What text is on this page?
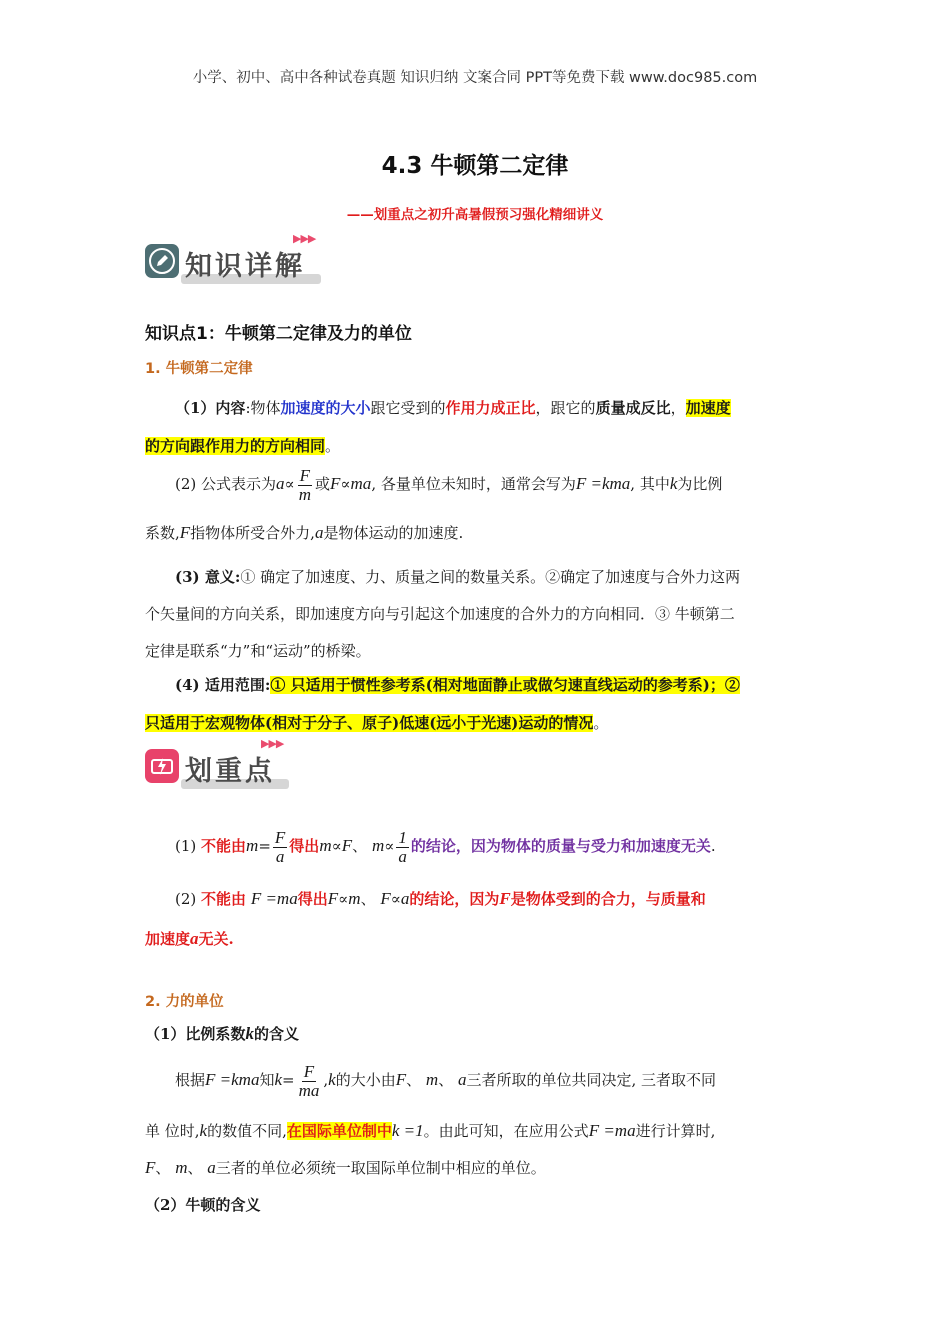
小学、初中、高中各种试卷真题 知识归纳 文案合同 PPT等免费下载 www.doc985.com
4.3 牛顿第二定律
——划重点之初升高暑假预习强化精细讲义
知识详解
▶▶▶
知识点1：牛顿第二定律及力的单位
1. 牛顿第二定律
（1）内容:物体加速度的大小跟它受到的作用力成正比，跟它的质量成反比，加速度
的方向跟作用力的方向相同。
(2) 公式表示为$a\propto \frac{F}{m}$ 或F∝ma, 各量单位未知时，通常会写为F =kma, 其中k为比例
系数,F指物体所受合外力,a是物体运动的加速度.
(3) 意义:① 确定了加速度、力、质量之间的数量关系。②确定了加速度与合外力这两
个矢量间的方向关系，即加速度方向与引起这个加速度的合外力的方向相同．③ 牛顿第二
定律是联系“力”和“运动”的桥梁。
(4) 适用范围:① 只适用于惯性参考系(相对地面静止或做匀速直线运动的参考系)；②
只适用于宏观物体(相对于分子、原子)低速(远小于光速)运动的情况。
划重点
▶▶▶
(1) 不能由$m= \frac{F}{a}$ 得出m∝F、 $m\propto \frac{1}{a}$ 的结论，因为物体的质量与受力和加速度无关.
(2) 不能由 F =ma得出F∝m、 F∝a的结论，因为F是物体受到的合力，与质量和
加速度a无关.
2. 力的单位
（1）比例系数k的含义
根据F =kma知$k= \frac{F}{ma} ,k$的大小由F、 m、 a三者所取的单位共同决定, 三者取不同
单 位时,k的数值不同,在国际单位制中k =1。由此可知，在应用公式F =ma进行计算时,
F、 m、 a三者的单位必须统一取国际单位制中相应的单位。
（2）牛顿的含义
